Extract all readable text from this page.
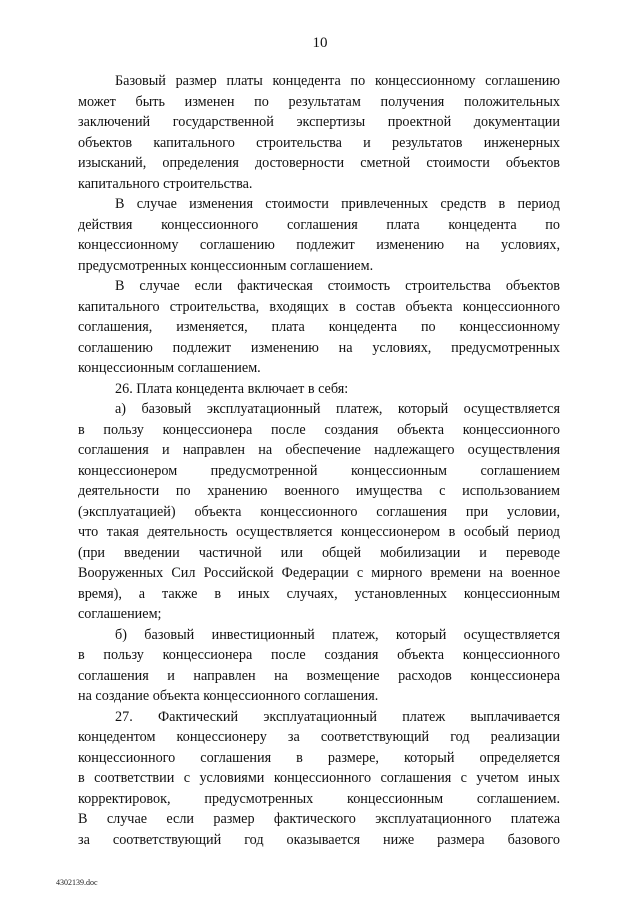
10
Базовый размер платы концедента по концессионному соглашению
может быть изменен по результатам получения положительных
заключений государственной экспертизы проектной документации
объектов капитального строительства и результатов инженерных
изысканий, определения достоверности сметной стоимости объектов
капитального строительства.
В случае изменения стоимости привлеченных средств в период
действия концессионного соглашения плата концедента по
концессионному соглашению подлежит изменению на условиях,
предусмотренных концессионным соглашением.
В случае если фактическая стоимость строительства объектов
капитального строительства, входящих в состав объекта концессионного
соглашения, изменяется, плата концедента по концессионному
соглашению подлежит изменению на условиях, предусмотренных
концессионным соглашением.
26. Плата концедента включает в себя:
а) базовый эксплуатационный платеж, который осуществляется
в пользу концессионера после создания объекта концессионного
соглашения и направлен на обеспечение надлежащего осуществления
концессионером предусмотренной концессионным соглашением
деятельности по хранению военного имущества с использованием
(эксплуатацией) объекта концессионного соглашения при условии,
что такая деятельность осуществляется концессионером в особый период
(при введении частичной или общей мобилизации и переводе
Вооруженных Сил Российской Федерации с мирного времени на военное
время), а также в иных случаях, установленных концессионным
соглашением;
б) базовый инвестиционный платеж, который осуществляется
в пользу концессионера после создания объекта концессионного
соглашения и направлен на возмещение расходов концессионера
на создание объекта концессионного соглашения.
27. Фактический эксплуатационный платеж выплачивается
концедентом концессионеру за соответствующий год реализации
концессионного соглашения в размере, который определяется
в соответствии с условиями концессионного соглашения с учетом иных
корректировок, предусмотренных концессионным соглашением.
В случае если размер фактического эксплуатационного платежа
за соответствующий год оказывается ниже размера базового
4302139.doc
